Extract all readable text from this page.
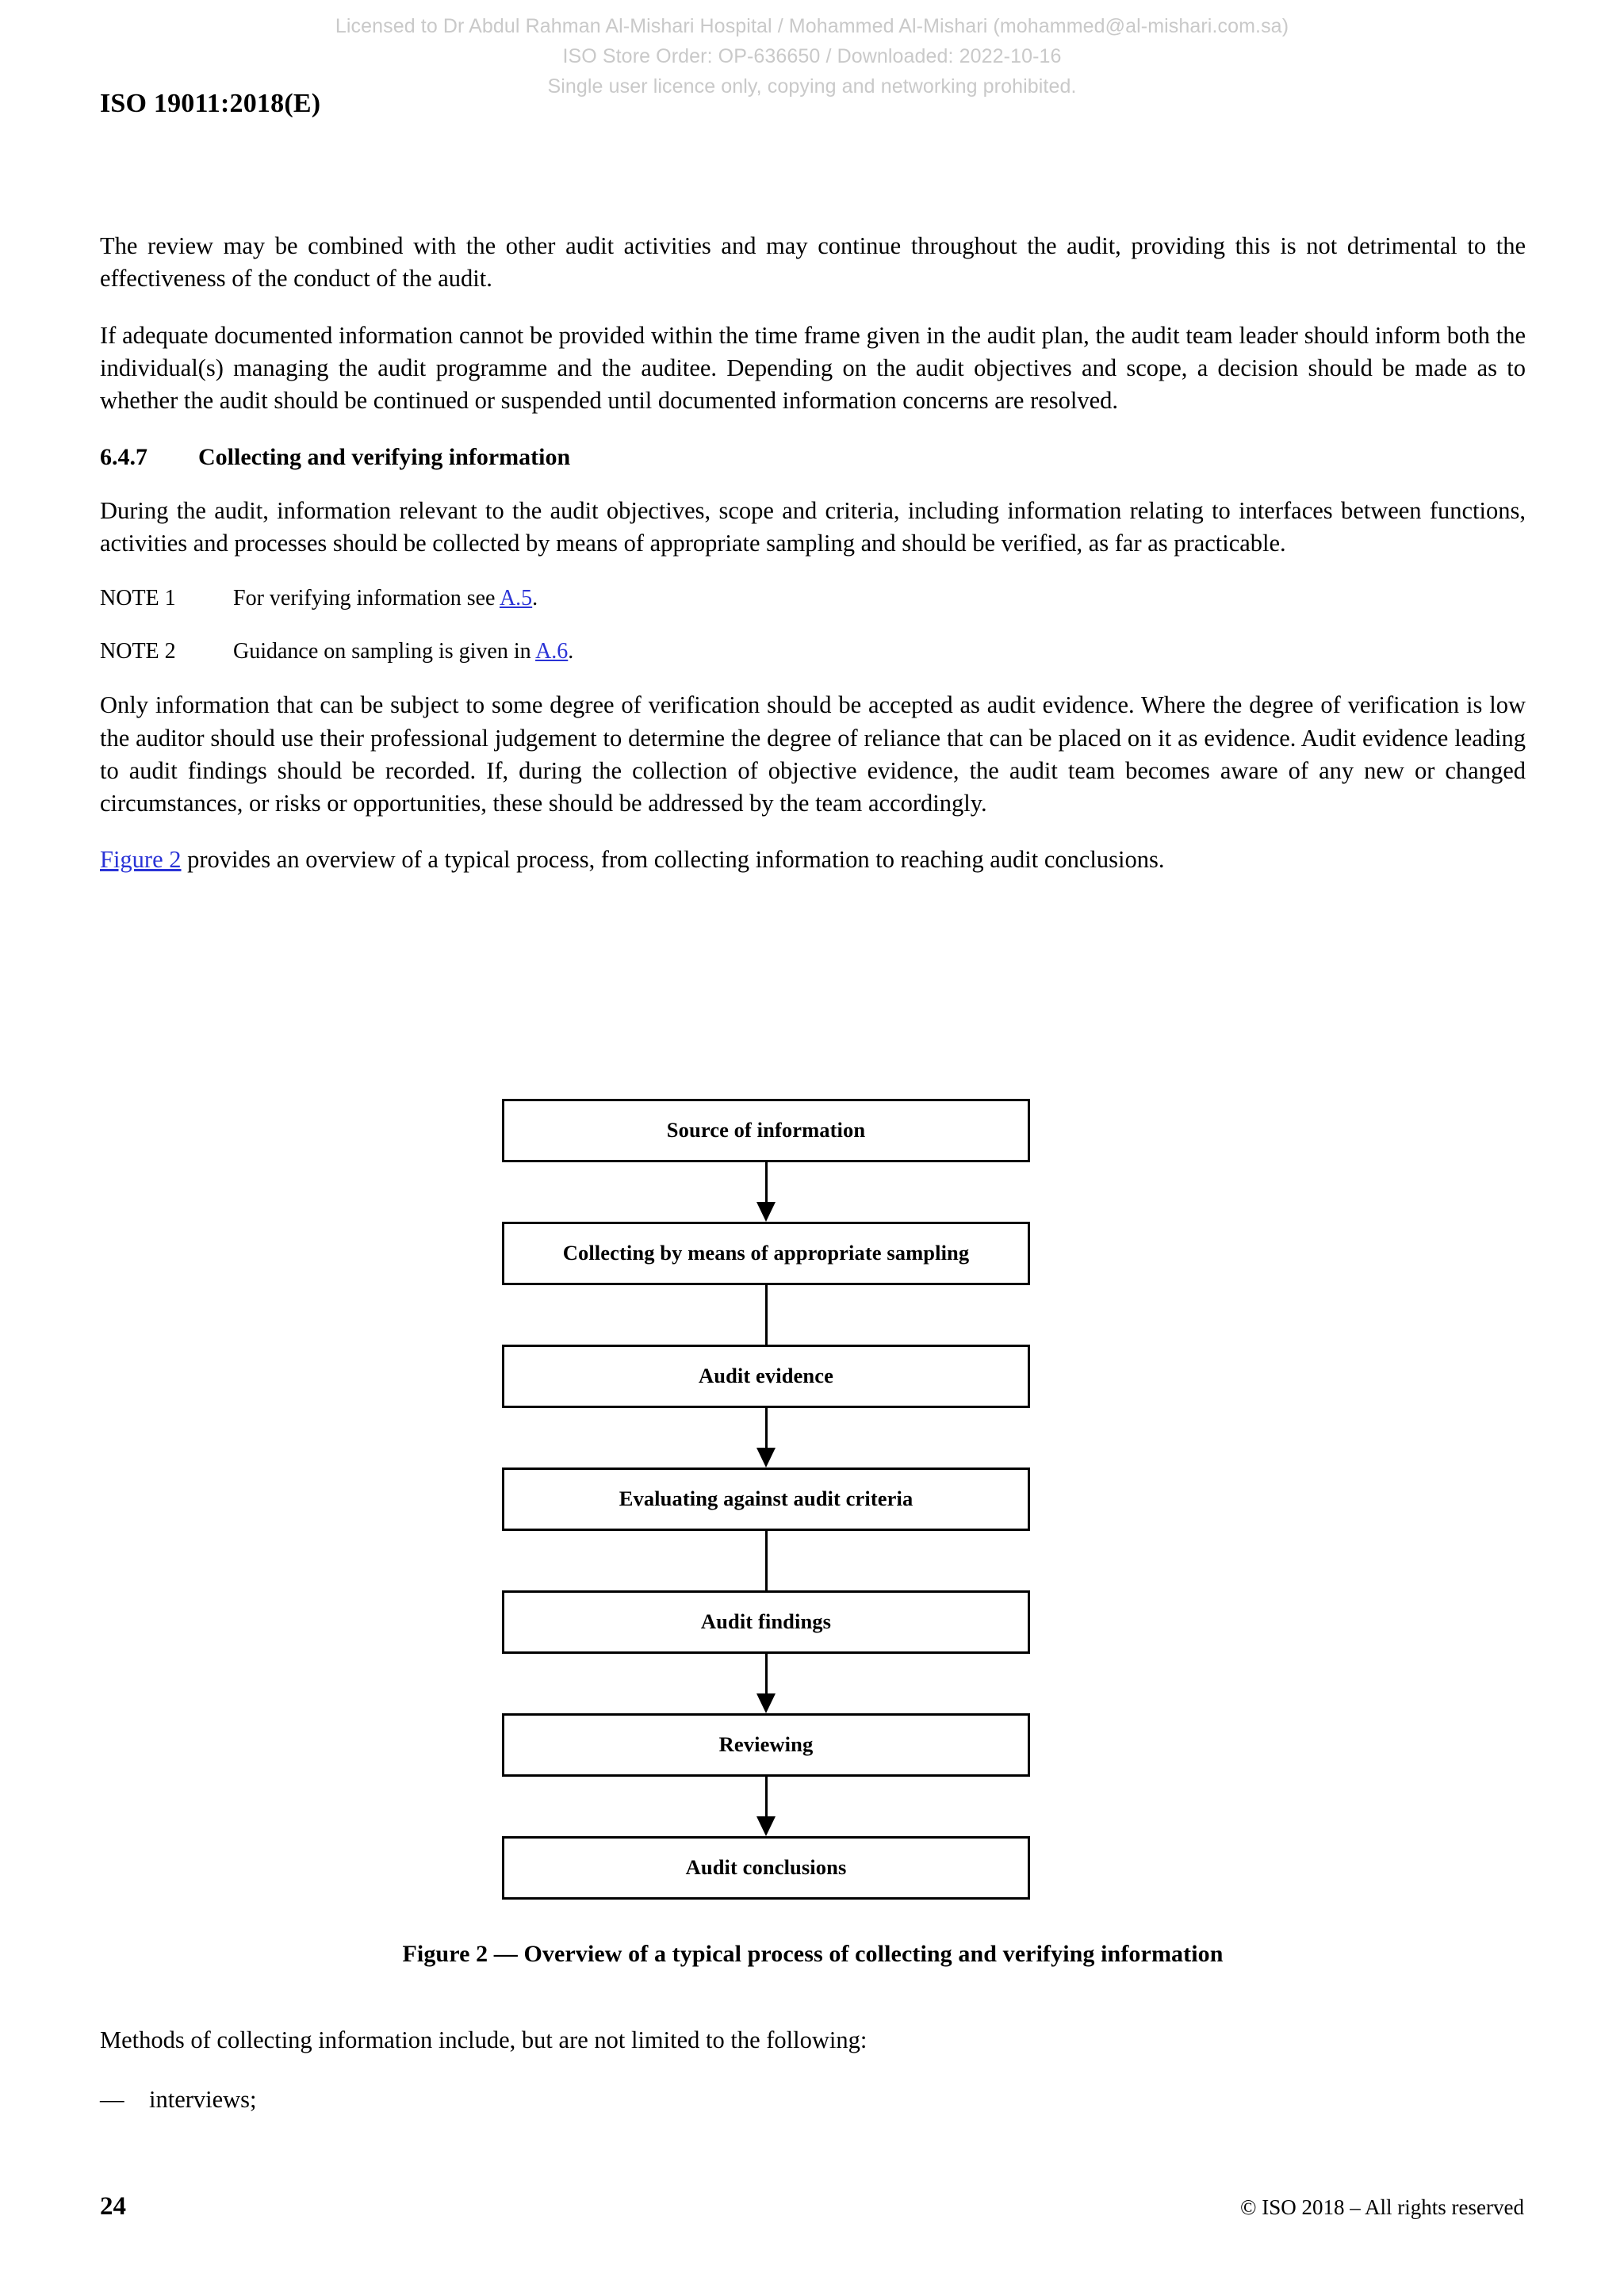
Licensed to Dr Abdul Rahman Al-Mishari Hospital / Mohammed Al-Mishari (mohammed@al-mishari.com.sa)
ISO Store Order: OP-636650 / Downloaded: 2022-10-16
Single user licence only, copying and networking prohibited.
ISO 19011:2018(E)

The review may be combined with the other audit activities and may continue throughout the audit, providing this is not detrimental to the effectiveness of the conduct of the audit.

If adequate documented information cannot be provided within the time frame given in the audit plan, the audit team leader should inform both the individual(s) managing the audit programme and the auditee. Depending on the audit objectives and scope, a decision should be made as to whether the audit should be continued or suspended until documented information concerns are resolved.

6.4.7 Collecting and verifying information

During the audit, information relevant to the audit objectives, scope and criteria, including information relating to interfaces between functions, activities and processes should be collected by means of appropriate sampling and should be verified, as far as practicable.

NOTE 1	For verifying information see A.5.

NOTE 2	Guidance on sampling is given in A.6.

Only information that can be subject to some degree of verification should be accepted as audit evidence. Where the degree of verification is low the auditor should use their professional judgement to determine the degree of reliance that can be placed on it as evidence. Audit evidence leading to audit findings should be recorded. If, during the collection of objective evidence, the audit team becomes aware of any new or changed circumstances, or risks or opportunities, these should be addressed by the team accordingly.

Figure 2 provides an overview of a typical process, from collecting information to reaching audit conclusions.

Source of information
Collecting by means of appropriate sampling
Audit evidence
Evaluating against audit criteria
Audit findings
Reviewing
Audit conclusions
Figure 2 — Overview of a typical process of collecting and verifying information

Methods of collecting information include, but are not limited to the following:

—	interviews;
24	© ISO 2018 – All rights reserved
